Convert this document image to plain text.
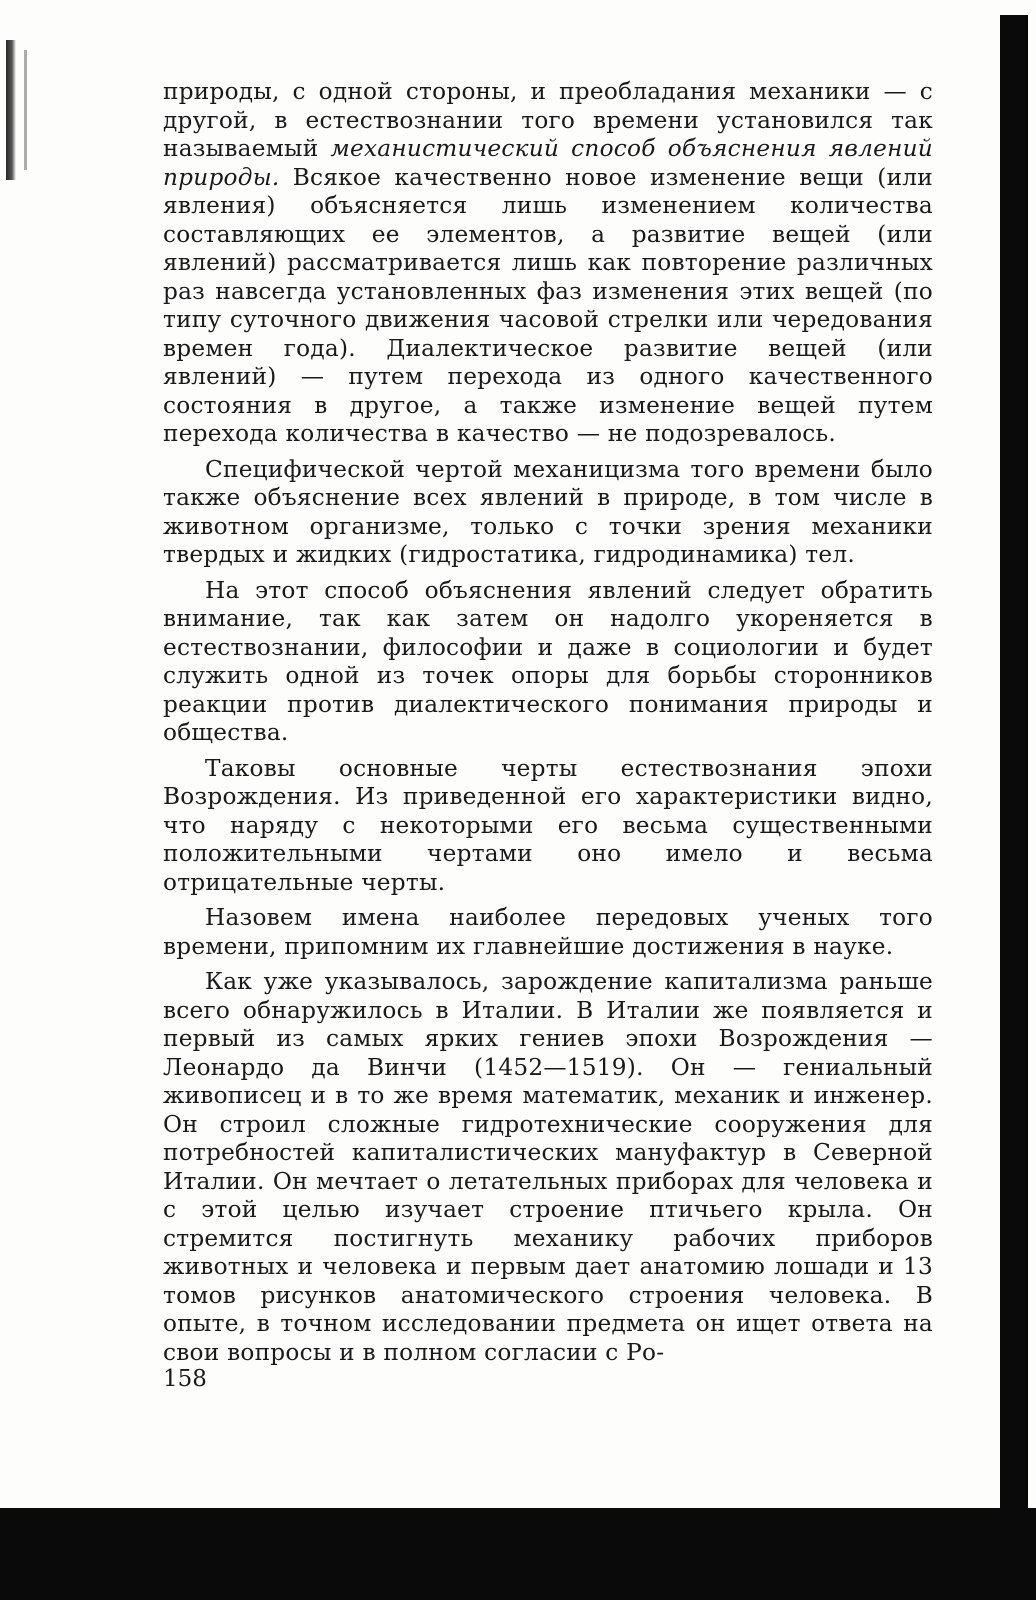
природы, с одной стороны, и преобладания механики — с другой, в естествознании того времени установился так называемый механистический способ объяснения явлений природы. Всякое качественно новое изменение вещи (или явления) объясняется лишь изменением количества составляющих ее элементов, а развитие вещей (или явлений) рассматривается лишь как повторение различных раз навсегда установленных фаз изменения этих вещей (по типу суточного движения часовой стрелки или чередования времен года). Диалектическое развитие вещей (или явлений) — путем перехода из одного качественного состояния в другое, а также изменение вещей путем перехода количества в качество — не подозревалось.

Специфической чертой механицизма того времени было также объяснение всех явлений в природе, в том числе в животном организме, только с точки зрения механики твердых и жидких (гидростатика, гидродинамика) тел.

На этот способ объяснения явлений следует обратить внимание, так как затем он надолго укореняется в естествознании, философии и даже в социологии и будет служить одной из точек опоры для борьбы сторонников реакции против диалектического понимания природы и общества.

Таковы основные черты естествознания эпохи Возрождения. Из приведенной его характеристики видно, что наряду с некоторыми его весьма существенными положительными чертами оно имело и весьма отрицательные черты.

Назовем имена наиболее передовых ученых того времени, припомним их главнейшие достижения в науке.

Как уже указывалось, зарождение капитализма раньше всего обнаружилось в Италии. В Италии же появляется и первый из самых ярких гениев эпохи Возрождения — Леонардо да Винчи (1452—1519). Он — гениальный живописец и в то же время математик, механик и инженер. Он строил сложные гидротехнические сооружения для потребностей капиталистических мануфактур в Северной Италии. Он мечтает о летательных приборах для человека и с этой целью изучает строение птичьего крыла. Он стремится постигнуть механику рабочих приборов животных и человека и первым дает анатомию лошади и 13 томов рисунков анатомического строения человека. В опыте, в точном исследовании предмета он ищет ответа на свои вопросы и в полном согласии с Ро-

158
